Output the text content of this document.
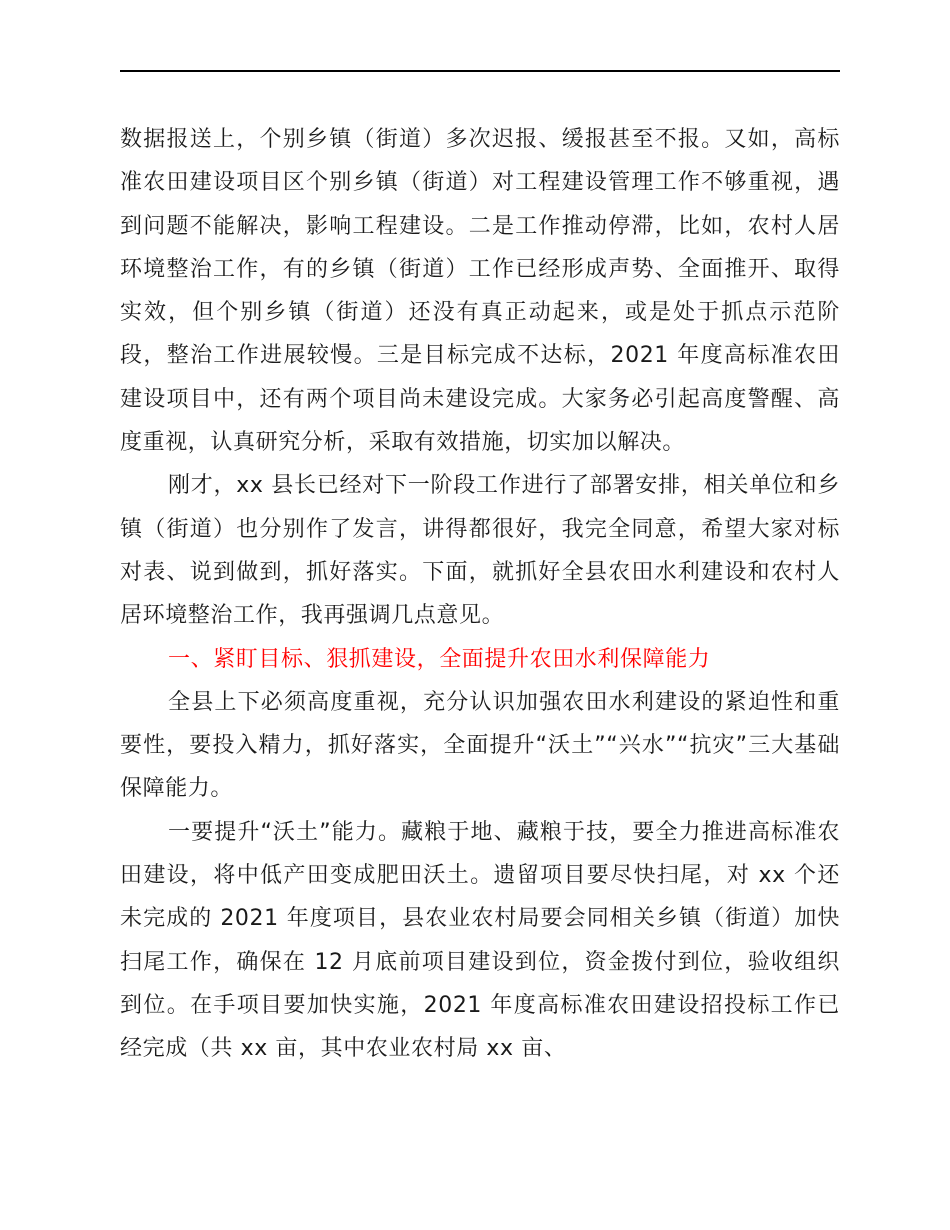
数据报送上，个别乡镇（街道）多次迟报、缓报甚至不报。又如，高标准农田建设项目区个别乡镇（街道）对工程建设管理工作不够重视，遇到问题不能解决，影响工程建设。二是工作推动停滞，比如，农村人居环境整治工作，有的乡镇（街道）工作已经形成声势、全面推开、取得实效，但个别乡镇（街道）还没有真正动起来，或是处于抓点示范阶段，整治工作进展较慢。三是目标完成不达标，2021 年度高标准农田建设项目中，还有两个项目尚未建设完成。大家务必引起高度警醒、高度重视，认真研究分析，采取有效措施，切实加以解决。

刚才，xx 县长已经对下一阶段工作进行了部署安排，相关单位和乡镇（街道）也分别作了发言，讲得都很好，我完全同意，希望大家对标对表、说到做到，抓好落实。下面，就抓好全县农田水利建设和农村人居环境整治工作，我再强调几点意见。

一、紧盯目标、狠抓建设，全面提升农田水利保障能力

全县上下必须高度重视，充分认识加强农田水利建设的紧迫性和重要性，要投入精力，抓好落实，全面提升“沃土”“兴水”“抗灾”三大基础保障能力。

一要提升“沃土”能力。藏粮于地、藏粮于技，要全力推进高标准农田建设，将中低产田变成肥田沃土。遗留项目要尽快扫尾，对 xx 个还未完成的 2021 年度项目，县农业农村局要会同相关乡镇（街道）加快扫尾工作，确保在 12 月底前项目建设到位，资金拨付到位，验收组织到位。在手项目要加快实施，2021 年度高标准农田建设招投标工作已经完成（共 xx 亩，其中农业农村局 xx 亩、
